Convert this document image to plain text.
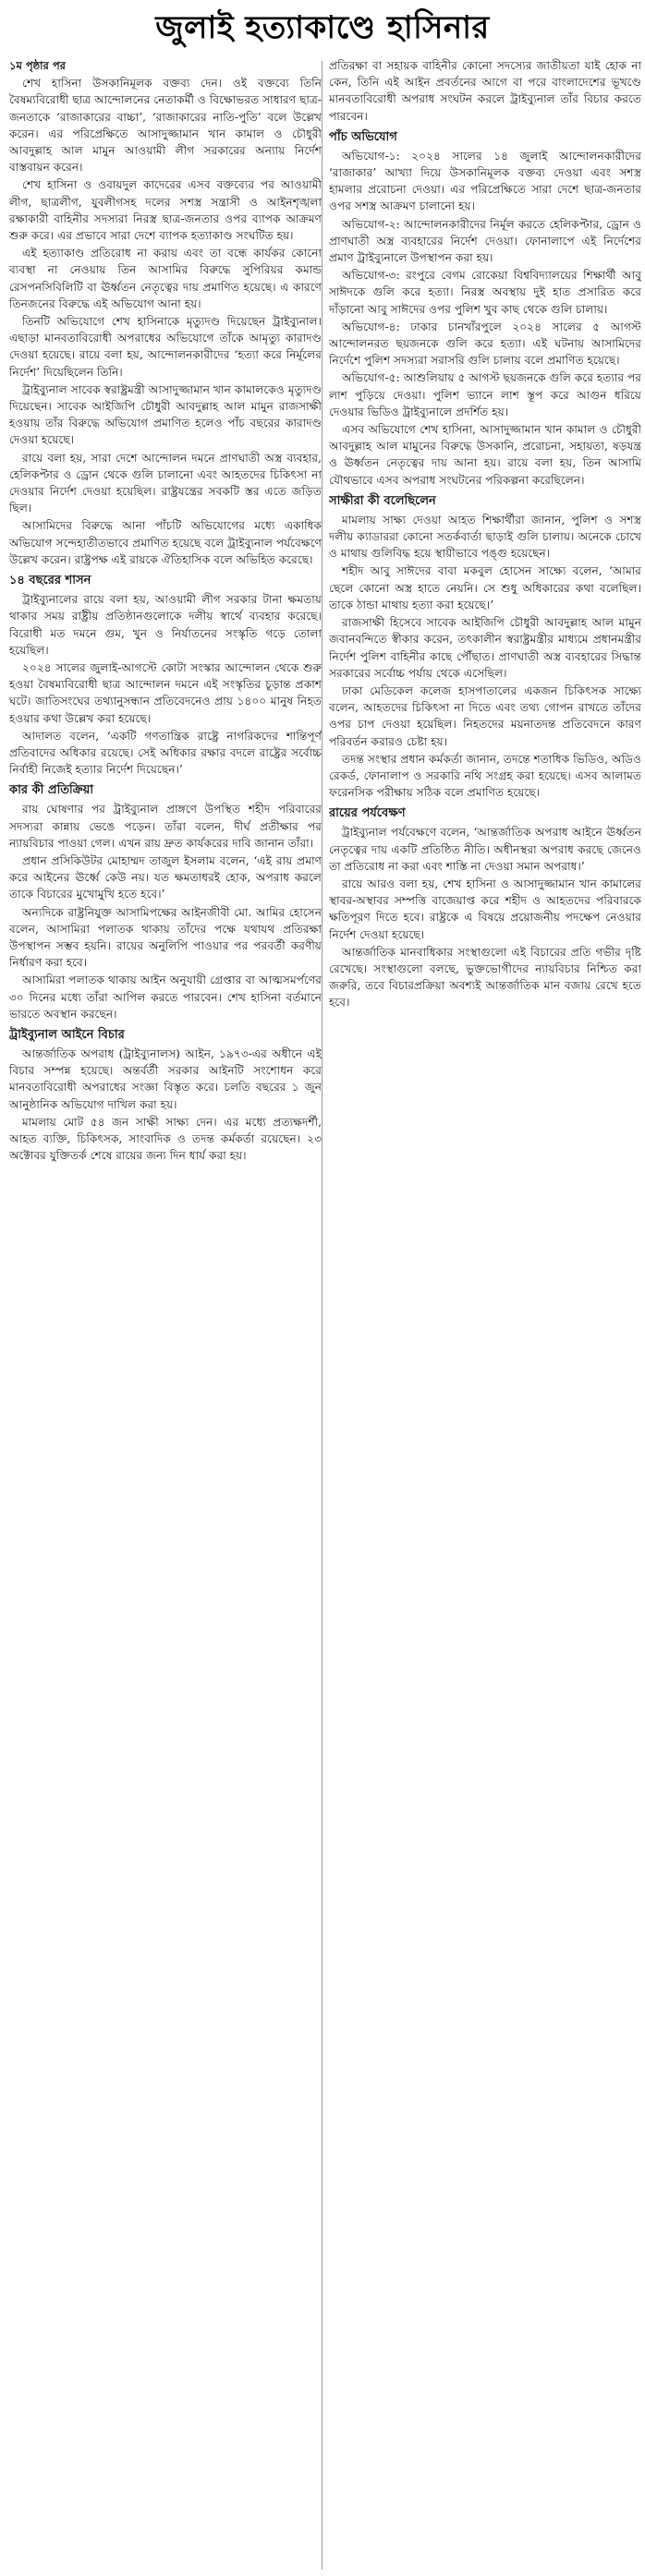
জুলাই হত্যাকাণ্ডে হাসিনার

১ম পৃষ্ঠার পর

শেখ হাসিনা উসকানিমূলক বক্তব্য দেন। ওই বক্তব্যে তিনি বৈষম্যবিরোধী ছাত্র আন্দোলনের নেতাকর্মী ও বিক্ষোভরত সাধারণ ছাত্র-জনতাকে ‘রাজাকারের বাচ্চা’, ‘রাজাকারের নাতি-পুতি’ বলে উল্লেখ করেন। এর পরিপ্রেক্ষিতে আসাদুজ্জামান খান কামাল ও চৌধুরী আবদুল্লাহ আল মামুন আওয়ামী লীগ সরকারের অন্যায় নির্দেশ বাস্তবায়ন করেন।

শেখ হাসিনা ও ওবায়দুল কাদেরের এসব বক্তব্যের পর আওয়ামী লীগ, ছাত্রলীগ, যুবলীগসহ দলের সশস্ত্র সন্ত্রাসী ও আইনশৃঙ্খলা রক্ষাকারী বাহিনীর সদস্যরা নিরস্ত্র ছাত্র-জনতার ওপর ব্যাপক আক্রমণ শুরু করে। এর প্রভাবে সারা দেশে ব্যাপক হত্যাকাণ্ড সংঘটিত হয়।

এই হত্যাকাণ্ড প্রতিরোধ না করায় এবং তা বন্ধে কার্যকর কোনো ব্যবস্থা না নেওয়ায় তিন আসামির বিরুদ্ধে সুপিরিয়র কমান্ড রেসপনসিবিলিটি বা ঊর্ধ্বতন নেতৃত্বের দায় প্রমাণিত হয়েছে। এ কারণে তিনজনের বিরুদ্ধে এই অভিযোগ আনা হয়।

তিনটি অভিযোগে শেখ হাসিনাকে মৃত্যুদণ্ড দিয়েছেন ট্রাইব্যুনাল। এছাড়া মানবতাবিরোধী অপরাধের অভিযোগে তাঁকে আমৃত্যু কারাদণ্ড দেওয়া হয়েছে। রায়ে বলা হয়, আন্দোলনকারীদের ‘হত্যা করে নির্মূলের নির্দেশ’ দিয়েছিলেন তিনি।

ট্রাইব্যুনাল সাবেক স্বরাষ্ট্রমন্ত্রী আসাদুজ্জামান খান কামালকেও মৃত্যুদণ্ড দিয়েছেন। সাবেক আইজিপি চৌধুরী আবদুল্লাহ আল মামুন রাজসাক্ষী হওয়ায় তাঁর বিরুদ্ধে অভিযোগ প্রমাণিত হলেও পাঁচ বছরের কারাদণ্ড দেওয়া হয়েছে।

রায়ে বলা হয়, সারা দেশে আন্দোলন দমনে প্রাণঘাতী অস্ত্র ব্যবহার, হেলিকপ্টার ও ড্রোন থেকে গুলি চালানো এবং আহতদের চিকিৎসা না দেওয়ার নির্দেশ দেওয়া হয়েছিল। রাষ্ট্রযন্ত্রের সবকটি স্তর এতে জড়িত ছিল।

আসামিদের বিরুদ্ধে আনা পাঁচটি অভিযোগের মধ্যে একাধিক অভিযোগ সন্দেহাতীতভাবে প্রমাণিত হয়েছে বলে ট্রাইব্যুনাল পর্যবেক্ষণে উল্লেখ করেন। রাষ্ট্রপক্ষ এই রায়কে ঐতিহাসিক বলে অভিহিত করেছে।

১৪ বছরের শাসন

ট্রাইব্যুনালের রায়ে বলা হয়, আওয়ামী লীগ সরকার টানা ক্ষমতায় থাকার সময় রাষ্ট্রীয় প্রতিষ্ঠানগুলোকে দলীয় স্বার্থে ব্যবহার করেছে। বিরোধী মত দমনে গুম, খুন ও নির্যাতনের সংস্কৃতি গড়ে তোলা হয়েছিল।

২০২৪ সালের জুলাই-আগস্টে কোটা সংস্কার আন্দোলন থেকে শুরু হওয়া বৈষম্যবিরোধী ছাত্র আন্দোলন দমনে এই সংস্কৃতির চূড়ান্ত প্রকাশ ঘটে। জাতিসংঘের তথ্যানুসন্ধান প্রতিবেদনেও প্রায় ১৪০০ মানুষ নিহত হওয়ার কথা উল্লেখ করা হয়েছে।

আদালত বলেন, ‘একটি গণতান্ত্রিক রাষ্ট্রে নাগরিকদের শান্তিপূর্ণ প্রতিবাদের অধিকার রয়েছে। সেই অধিকার রক্ষার বদলে রাষ্ট্রের সর্বোচ্চ নির্বাহী নিজেই হত্যার নির্দেশ দিয়েছেন।’

কার কী প্রতিক্রিয়া

রায় ঘোষণার পর ট্রাইব্যুনাল প্রাঙ্গণে উপস্থিত শহীদ পরিবারের সদস্যরা কান্নায় ভেঙে পড়েন। তাঁরা বলেন, দীর্ঘ প্রতীক্ষার পর ন্যায়বিচার পাওয়া গেল। এখন রায় দ্রুত কার্যকরের দাবি জানান তাঁরা।

প্রধান প্রসিকিউটর মোহাম্মদ তাজুল ইসলাম বলেন, ‘এই রায় প্রমাণ করে আইনের ঊর্ধ্বে কেউ নয়। যত ক্ষমতাধরই হোক, অপরাধ করলে তাকে বিচারের মুখোমুখি হতে হবে।’

অন্যদিকে রাষ্ট্রনিযুক্ত আসামিপক্ষের আইনজীবী মো. আমির হোসেন বলেন, আসামিরা পলাতক থাকায় তাঁদের পক্ষে যথাযথ প্রতিরক্ষা উপস্থাপন সম্ভব হয়নি। রায়ের অনুলিপি পাওয়ার পর পরবর্তী করণীয় নির্ধারণ করা হবে।

আসামিরা পলাতক থাকায় আইন অনুযায়ী গ্রেপ্তার বা আত্মসমর্পণের ৩০ দিনের মধ্যে তাঁরা আপিল করতে পারবেন। শেখ হাসিনা বর্তমানে ভারতে অবস্থান করছেন।

ট্রাইব্যুনাল আইনে বিচার

আন্তর্জাতিক অপরাধ (ট্রাইব্যুনালস) আইন, ১৯৭৩-এর অধীনে এই বিচার সম্পন্ন হয়েছে। অন্তর্বর্তী সরকার আইনটি সংশোধন করে মানবতাবিরোধী অপরাধের সংজ্ঞা বিস্তৃত করে। চলতি বছরের ১ জুন আনুষ্ঠানিক অভিযোগ দাখিল করা হয়।

মামলায় মোট ৫৪ জন সাক্ষী সাক্ষ্য দেন। এর মধ্যে প্রত্যক্ষদর্শী, আহত ব্যক্তি, চিকিৎসক, সাংবাদিক ও তদন্ত কর্মকর্তা রয়েছেন। ২৩ অক্টোবর যুক্তিতর্ক শেষে রায়ের জন্য দিন ধার্য করা হয়।

প্রতিরক্ষা বা সহায়ক বাহিনীর কোনো সদস্যের জাতীয়তা যাই হোক না কেন, তিনি এই আইন প্রবর্তনের আগে বা পরে বাংলাদেশের ভূখণ্ডে মানবতাবিরোধী অপরাধ সংঘটন করলে ট্রাইব্যুনাল তাঁর বিচার করতে পারবেন।

পাঁচ অভিযোগ

অভিযোগ-১: ২০২৪ সালের ১৪ জুলাই আন্দোলনকারীদের ‘রাজাকার’ আখ্যা দিয়ে উসকানিমূলক বক্তব্য দেওয়া এবং সশস্ত্র হামলার প্ররোচনা দেওয়া। এর পরিপ্রেক্ষিতে সারা দেশে ছাত্র-জনতার ওপর সশস্ত্র আক্রমণ চালানো হয়।

অভিযোগ-২: আন্দোলনকারীদের নির্মূল করতে হেলিকপ্টার, ড্রোন ও প্রাণঘাতী অস্ত্র ব্যবহারের নির্দেশ দেওয়া। ফোনালাপে এই নির্দেশের প্রমাণ ট্রাইব্যুনালে উপস্থাপন করা হয়।

অভিযোগ-৩: রংপুরে বেগম রোকেয়া বিশ্ববিদ্যালয়ের শিক্ষার্থী আবু সাঈদকে গুলি করে হত্যা। নিরস্ত্র অবস্থায় দুই হাত প্রসারিত করে দাঁড়ানো আবু সাঈদের ওপর পুলিশ খুব কাছ থেকে গুলি চালায়।

অভিযোগ-৪: ঢাকার চানখাঁরপুলে ২০২৪ সালের ৫ আগস্ট আন্দোলনরত ছয়জনকে গুলি করে হত্যা। এই ঘটনায় আসামিদের নির্দেশে পুলিশ সদস্যরা সরাসরি গুলি চালায় বলে প্রমাণিত হয়েছে।

অভিযোগ-৫: আশুলিয়ায় ৫ আগস্ট ছয়জনকে গুলি করে হত্যার পর লাশ পুড়িয়ে দেওয়া। পুলিশ ভ্যানে লাশ স্তূপ করে আগুন ধরিয়ে দেওয়ার ভিডিও ট্রাইব্যুনালে প্রদর্শিত হয়।

এসব অভিযোগে শেখ হাসিনা, আসাদুজ্জামান খান কামাল ও চৌধুরী আবদুল্লাহ আল মামুনের বিরুদ্ধে উসকানি, প্ররোচনা, সহায়তা, ষড়যন্ত্র ও ঊর্ধ্বতন নেতৃত্বের দায় আনা হয়। রায়ে বলা হয়, তিন আসামি যৌথভাবে এসব অপরাধ সংঘটনের পরিকল্পনা করেছিলেন।

সাক্ষীরা কী বলেছিলেন

মামলায় সাক্ষ্য দেওয়া আহত শিক্ষার্থীরা জানান, পুলিশ ও সশস্ত্র দলীয় ক্যাডাররা কোনো সতর্কবার্তা ছাড়াই গুলি চালায়। অনেকে চোখে ও মাথায় গুলিবিদ্ধ হয়ে স্থায়ীভাবে পঙ্গু হয়েছেন।

শহীদ আবু সাঈদের বাবা মকবুল হোসেন সাক্ষ্যে বলেন, ‘আমার ছেলে কোনো অস্ত্র হাতে নেয়নি। সে শুধু অধিকারের কথা বলেছিল। তাকে ঠান্ডা মাথায় হত্যা করা হয়েছে।’

রাজসাক্ষী হিসেবে সাবেক আইজিপি চৌধুরী আবদুল্লাহ আল মামুন জবানবন্দিতে স্বীকার করেন, তৎকালীন স্বরাষ্ট্রমন্ত্রীর মাধ্যমে প্রধানমন্ত্রীর নির্দেশ পুলিশ বাহিনীর কাছে পৌঁছাত। প্রাণঘাতী অস্ত্র ব্যবহারের সিদ্ধান্ত সরকারের সর্বোচ্চ পর্যায় থেকে এসেছিল।

ঢাকা মেডিকেল কলেজ হাসপাতালের একজন চিকিৎসক সাক্ষ্যে বলেন, আহতদের চিকিৎসা না দিতে এবং তথ্য গোপন রাখতে তাঁদের ওপর চাপ দেওয়া হয়েছিল। নিহতদের ময়নাতদন্ত প্রতিবেদনে কারণ পরিবর্তন করারও চেষ্টা হয়।

তদন্ত সংস্থার প্রধান কর্মকর্তা জানান, তদন্তে শতাধিক ভিডিও, অডিও রেকর্ড, ফোনালাপ ও সরকারি নথি সংগ্রহ করা হয়েছে। এসব আলামত ফরেনসিক পরীক্ষায় সঠিক বলে প্রমাণিত হয়েছে।

রায়ের পর্যবেক্ষণ

ট্রাইব্যুনাল পর্যবেক্ষণে বলেন, ‘আন্তর্জাতিক অপরাধ আইনে ঊর্ধ্বতন নেতৃত্বের দায় একটি প্রতিষ্ঠিত নীতি। অধীনস্থরা অপরাধ করছে জেনেও তা প্রতিরোধ না করা এবং শাস্তি না দেওয়া সমান অপরাধ।’

রায়ে আরও বলা হয়, শেখ হাসিনা ও আসাদুজ্জামান খান কামালের স্থাবর-অস্থাবর সম্পত্তি বাজেয়াপ্ত করে শহীদ ও আহতদের পরিবারকে ক্ষতিপূরণ দিতে হবে। রাষ্ট্রকে এ বিষয়ে প্রয়োজনীয় পদক্ষেপ নেওয়ার নির্দেশ দেওয়া হয়েছে।

আন্তর্জাতিক মানবাধিকার সংস্থাগুলো এই বিচারের প্রতি গভীর দৃষ্টি রেখেছে। সংস্থাগুলো বলছে, ভুক্তভোগীদের ন্যায়বিচার নিশ্চিত করা জরুরি, তবে বিচারপ্রক্রিয়া অবশ্যই আন্তর্জাতিক মান বজায় রেখে হতে হবে।
